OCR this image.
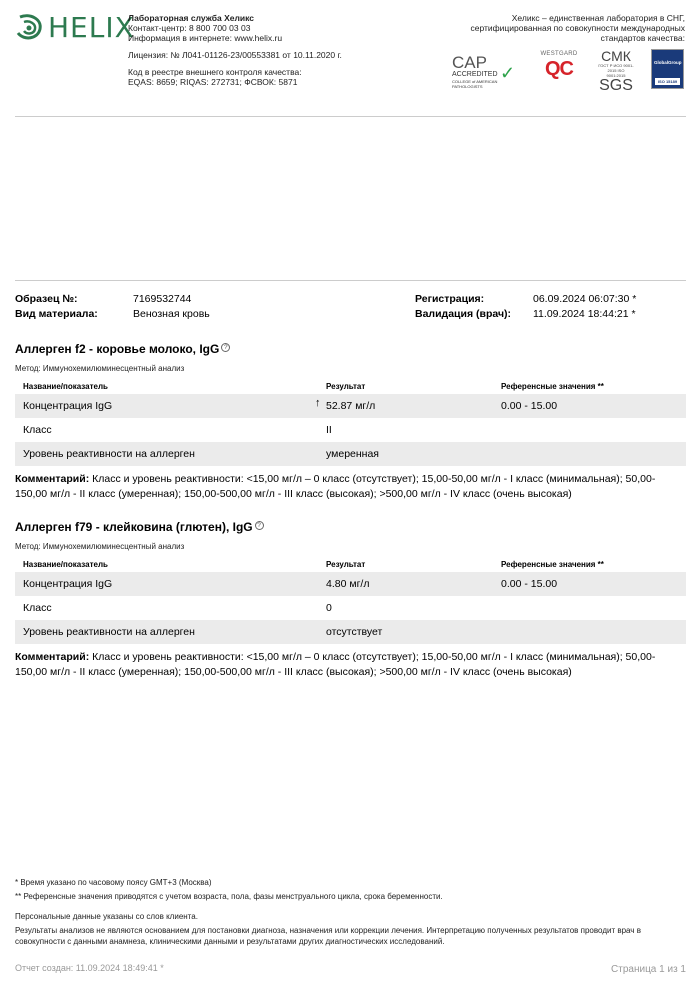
HELIX
Лабораторная служба Хеликс
Контакт-центр: 8 800 700 03 03
Информация в интернете: www.helix.ru
Лицензия: № Л041-01126-23/00553381 от 10.11.2020 г.
Код в реестре внешнего контроля качества:
EQAS: 8659; RIQAS: 272731; ФСВОК: 5871
Хеликс – единственная лаборатория в СНГ,
сертифицированная по совокупности международных
стандартов качества:
CAP
ACCREDITED
COLLEGE of AMERICAN PATHOLOGISTS
✓
WESTGARD
QC
СМК
ГОСТ Р ИСО 9001-2015 ISO 9001:2015
SGS
GlobalGroup
ISO 15189
Образец №:	7169532744
Вид материала:	Венозная кровь
Регистрация:	06.09.2024 06:07:30 *
Валидация (врач): 11.09.2024 18:44:21 *
Аллерген f2 - коровье молоко, IgG ?
Метод: Иммунохемилюминесцентный анализ
Название/показатель	Результат	Референсные значения **
Концентрация IgG	↑ 52.87 мг/л	0.00 - 15.00
Класс	II
Уровень реактивности на аллерген	умеренная
Комментарий: Класс и уровень реактивности: <15,00 мг/л – 0 класс (отсутствует); 15,00-50,00 мг/л - I класс (минимальная); 50,00-150,00 мг/л - II класс (умеренная); 150,00-500,00 мг/л - III класс (высокая); >500,00 мг/л - IV класс (очень высокая)
Аллерген f79 - клейковина (глютен), IgG ?
Метод: Иммунохемилюминесцентный анализ
Название/показатель	Результат	Референсные значения **
Концентрация IgG	4.80 мг/л	0.00 - 15.00
Класс	0
Уровень реактивности на аллерген	отсутствует
Комментарий: Класс и уровень реактивности: <15,00 мг/л – 0 класс (отсутствует); 15,00-50,00 мг/л - I класс (минимальная); 50,00-150,00 мг/л - II класс (умеренная); 150,00-500,00 мг/л - III класс (высокая); >500,00 мг/л - IV класс (очень высокая)
* Время указано по часовому поясу GMT+3 (Москва)
** Референсные значения приводятся с учетом возраста, пола, фазы менструального цикла, срока беременности.
Персональные данные указаны со слов клиента.
Результаты анализов не являются основанием для постановки диагноза, назначения или коррекции лечения. Интерпретацию полученных результатов проводит врач в совокупности с данными анамнеза, клиническими данными и результатами других диагностических исследований.
Отчет создан: 11.09.2024 18:49:41 *	Страница 1 из 1
